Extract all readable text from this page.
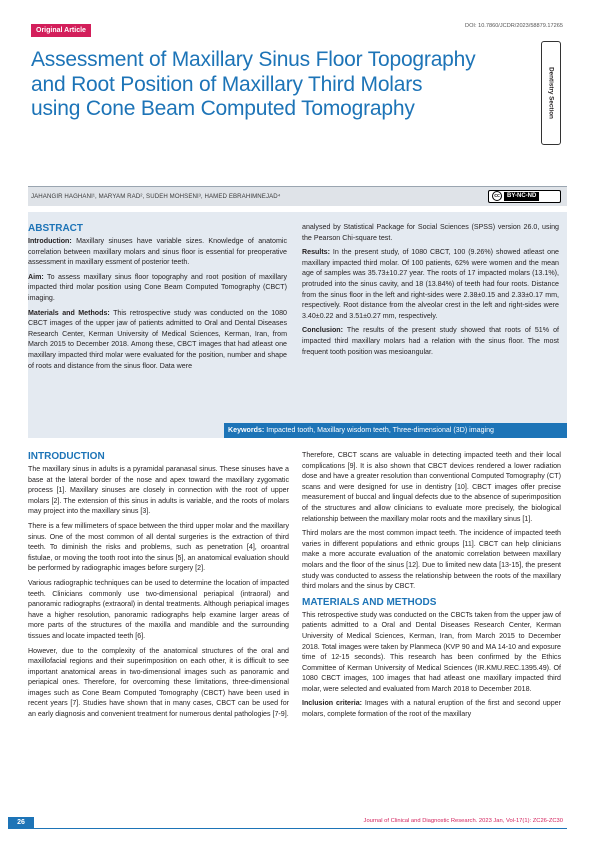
Original Article
DOI: 10.7860/JCDR/2023/58879.17265
Dentistry Section
Assessment of Maxillary Sinus Floor Topography and Root Position of Maxillary Third Molars using Cone Beam Computed Tomography
JAHANGIR HAGHANI¹, MARYAM RAD², SUDEH MOHSENI³, HAMED EBRAHIMNEJAD⁴	cc BY-NC-ND
ABSTRACT

Introduction: Maxillary sinuses have variable sizes. Knowledge of anatomic correlation between maxillary molars and sinus floor is essential for preoperative assessment in maxillary essment of posterior teeth.

Aim: To assess maxillary sinus floor topography and root position of maxillary impacted third molar position using Cone Beam Computed Tomography (CBCT) imaging.

Materials and Methods: This retrospective study was conducted on the 1080 CBCT images of the upper jaw of patients admitted to Oral and Dental Diseases Research Center, Kerman University of Medical Sciences, Kerman, Iran, from March 2015 to December 2018. Among these, CBCT images that had atleast one maxillary impacted third molar were evaluated for the position, number and shape of roots and distance from the sinus floor. Data were

analysed by Statistical Package for Social Sciences (SPSS) version 26.0, using the Pearson Chi-square test.

Results: In the present study, of 1080 CBCT, 100 (9.26%) showed atleast one maxillary impacted third molar. Of 100 patients, 62% were women and the mean age of samples was 35.73±10.27 year. The roots of 17 impacted molars (13.1%), protruded into the sinus cavity, and 18 (13.84%) of teeth had four roots. Distance from the sinus floor in the left and right-sides were 2.38±0.15 and 2.33±0.17 mm, respectively. Root distance from the alveolar crest in the left and right-sides were 3.40±0.22 and 3.51±0.27 mm, respectively.

Conclusion: The results of the present study showed that roots of 51% of impacted third maxillary molars had a relation with the sinus floor. The most frequent tooth position was mesioangular.

Keywords: Impacted tooth, Maxillary wisdom teeth, Three-dimensional (3D) imaging
INTRODUCTION

The maxillary sinus in adults is a pyramidal paranasal sinus. These sinuses have a base at the lateral border of the nose and apex toward the maxillary zygomatic process [1]. Maxillary sinuses are closely in connection with the root of upper molars [2]. The extension of this sinus in adults is variable, and the roots of molars may project into the maxillary sinus [3].

There is a few millimeters of space between the third upper molar and the maxillary sinus. One of the most common of all dental surgeries is the extraction of third teeth. To diminish the risks and problems, such as penetration [4], oroantral fistulae, or moving the tooth root into the sinus [5], an anatomical evaluation should be performed by radiographic images before surgery [2].

Various radiographic techniques can be used to determine the location of impacted teeth. Clinicians commonly use two-dimensional periapical (intraoral) and panoramic radiographs (extraoral) in dental treatments. Although periapical images have a higher resolution, panoramic radiographs help examine larger areas of more parts of the structures of the maxilla and mandible and the surrounding tissues and locate impacted teeth [6].

However, due to the complexity of the anatomical structures of the oral and maxillofacial regions and their superimposition on each other, it is difficult to see important anatomical areas in two-dimensional images such as panoramic and periapical ones. Therefore, for overcoming these limitations, three-dimensional images such as Cone Beam Computed Tomography (CBCT) have been used in recent years [7]. Studies have shown that in many cases, CBCT can be used for an early diagnosis and convenient treatment for numerous dental pathologies [7-9].

Therefore, CBCT scans are valuable in detecting impacted teeth and their local complications [9]. It is also shown that CBCT devices rendered a lower radiation dose and have a greater resolution than conventional Computed Tomography (CT) scans and were designed for use in dentistry [10]. CBCT images offer precise measurement of buccal and lingual defects due to the absence of superimposition of the structures and allow clinicians to evaluate more precisely, the biological relationship between the maxillary molar roots and the maxillary sinus [1].

Third molars are the most common impact teeth. The incidence of impacted teeth varies in different populations and ethnic groups [11]. CBCT can help clinicians make a more accurate evaluation of the anatomic correlation between maxillary molars and the floor of the sinus [12]. Due to limited new data [13-15], the present study was conducted to assess the relationship between the roots of the maxillary third molars and the sinus by CBCT.

MATERIALS AND METHODS

This retrospective study was conducted on the CBCTs taken from the upper jaw of patients admitted to a Oral and Dental Diseases Research Center, Kerman University of Medical Sciences, Kerman, Iran, from March 2015 to December 2018. Total images were taken by Planmeca (KVP 90 and MA 14-10 and exposure time of 12-15 seconds). This research has been confirmed by the Ethics Committee of Kerman University of Medical Sciences (IR.KMU.REC.1395.49). Of 1080 CBCT images, 100 images that had atleast one maxillary impacted third molar, were selected and evaluated from March 2018 to December 2018.

Inclusion criteria: Images with a natural eruption of the first and second upper molars, complete formation of the root of the maxillary

26	Journal of Clinical and Diagnostic Research. 2023 Jan, Vol-17(1): ZC26-ZC30
